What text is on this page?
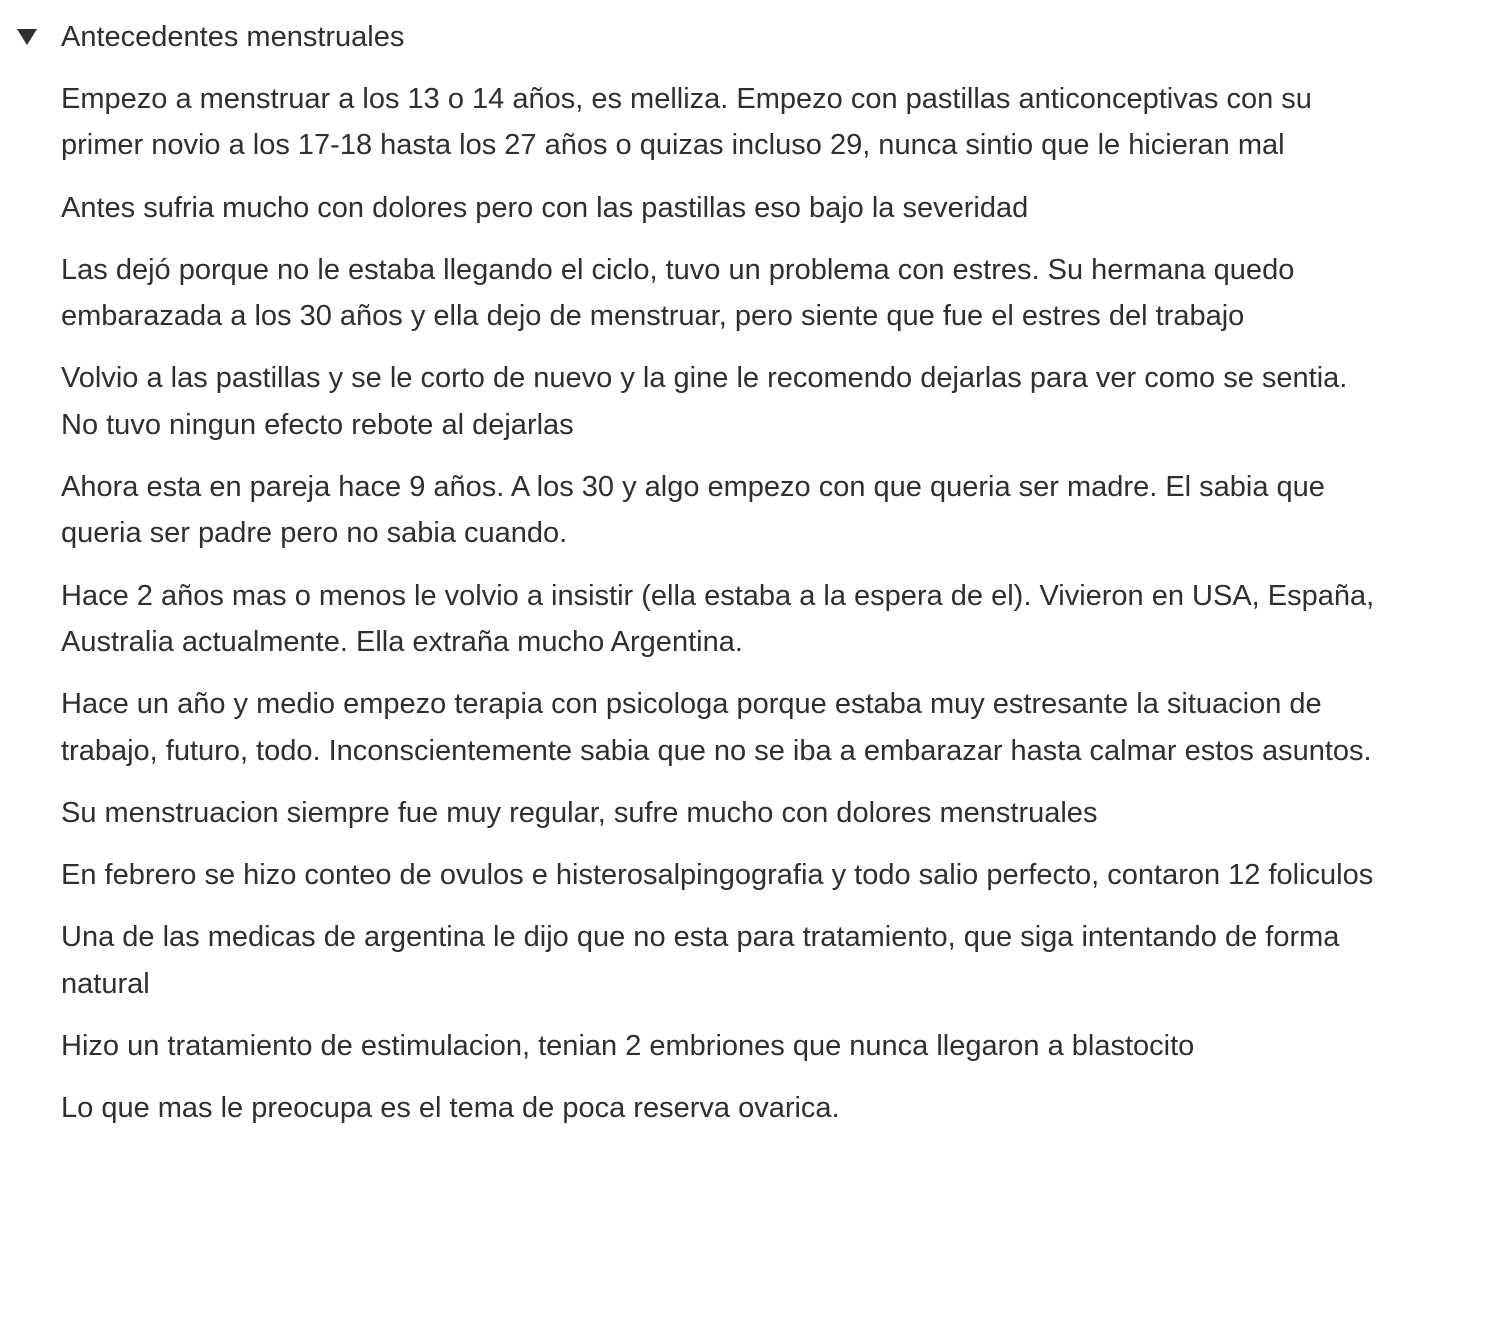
Antecedentes menstruales

Empezo a menstruar a los 13 o 14 años, es melliza. Empezo con pastillas anticonceptivas con su primer novio a los 17-18 hasta los 27 años o quizas incluso 29, nunca sintio que le hicieran mal

Antes sufria mucho con dolores pero con las pastillas eso bajo la severidad

Las dejó porque no le estaba llegando el ciclo, tuvo un problema con estres. Su hermana quedo embarazada a los 30 años y ella dejo de menstruar, pero siente que fue el estres del trabajo

Volvio a las pastillas y se le corto de nuevo y la gine le recomendo dejarlas para ver como se sentia. No tuvo ningun efecto rebote al dejarlas

Ahora esta en pareja hace 9 años. A los 30 y algo empezo con que queria ser madre. El sabia que queria ser padre pero no sabia cuando.

Hace 2 años mas o menos le volvio a insistir (ella estaba a la espera de el). Vivieron en USA, España, Australia actualmente. Ella extraña mucho Argentina.

Hace un año y medio empezo terapia con psicologa porque estaba muy estresante la situacion de trabajo, futuro, todo. Inconscientemente sabia que no se iba a embarazar hasta calmar estos asuntos.

Su menstruacion siempre fue muy regular, sufre mucho con dolores menstruales

En febrero se hizo conteo de ovulos e histerosalpingografia y todo salio perfecto, contaron 12 foliculos

Una de las medicas de argentina le dijo que no esta para tratamiento, que siga intentando de forma natural

Hizo un tratamiento de estimulacion, tenian 2 embriones que nunca llegaron a blastocito

Lo que mas le preocupa es el tema de poca reserva ovarica.
